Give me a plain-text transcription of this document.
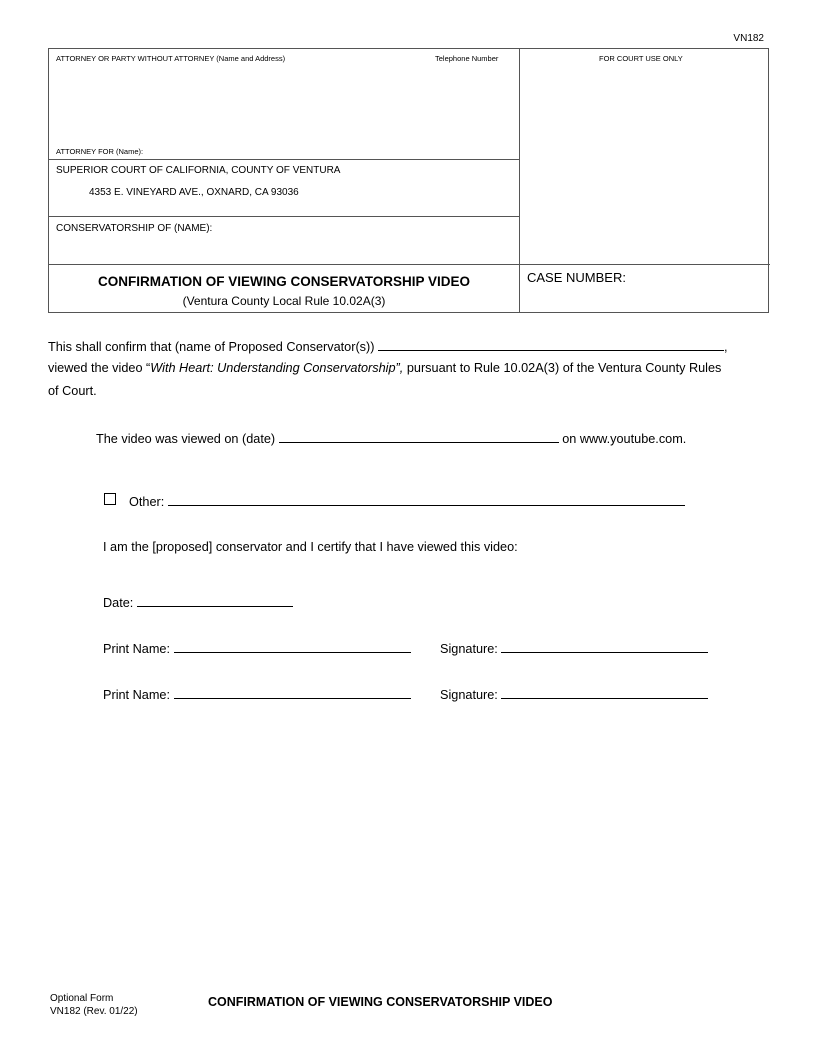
VN182
ATTORNEY OR PARTY WITHOUT ATTORNEY (Name and Address)	Telephone Number	FOR COURT USE ONLY
ATTORNEY FOR (Name):
SUPERIOR COURT OF CALIFORNIA, COUNTY OF VENTURA
4353 E. VINEYARD AVE., OXNARD, CA 93036
CONSERVATORSHIP OF (NAME):
CONFIRMATION OF VIEWING CONSERVATORSHIP VIDEO
(Ventura County Local Rule 10.02A(3)
CASE NUMBER:
This shall confirm that (name of Proposed Conservator(s))	,
viewed the video “With Heart: Understanding Conservatorship”, pursuant to Rule 10.02A(3) of the Ventura County Rules
of Court.
The video was viewed on (date)	on www.youtube.com.
Other:
I am the [proposed] conservator and I certify that I have viewed this video:
Date:
Print Name:	Signature:
Print Name:	Signature:
Optional Form
VN182 (Rev. 01/22)
CONFIRMATION OF VIEWING CONSERVATORSHIP VIDEO
